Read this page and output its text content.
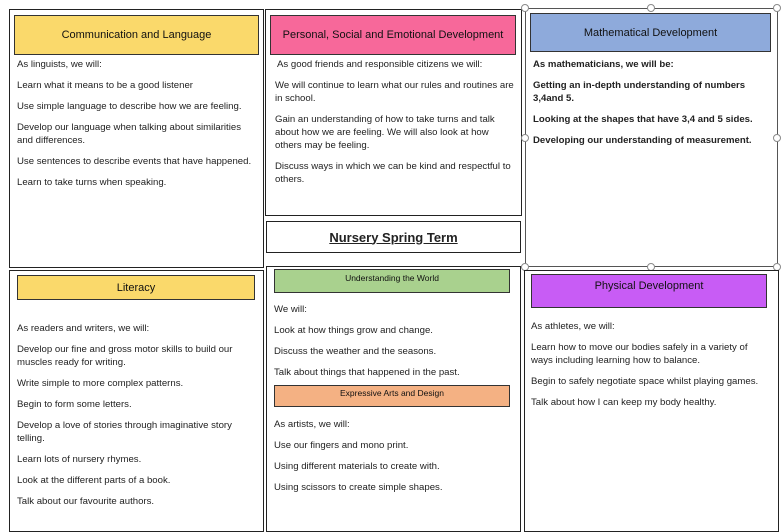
Communication and Language

As linguists, we will:

Learn what it means to be a good listener

Use simple language to describe how we are feeling.

Develop our language when talking about similarities and differences.

Use sentences to describe events that have happened.

Learn to take turns when speaking.

Personal, Social and Emotional Development

As good friends and responsible citizens we will:

We will continue to learn what our rules and routines are in school.

Gain an understanding of how to take turns and talk about how we are feeling. We will also look at how others may be feeling.

Discuss ways in which we can be kind and respectful to others.

Nursery Spring Term
Mathematical Development

As mathematicians, we will be:

Getting an in-depth understanding of numbers 3,4and 5.

Looking at the shapes that have 3,4 and 5 sides.

Developing our understanding of measurement.

Literacy

As readers and writers, we will:

Develop our fine and gross motor skills to build our muscles ready for writing.

Write simple to more complex patterns.

Begin to form some letters.

Develop a love of stories through imaginative story telling.

Learn lots of nursery rhymes.

Look at the different parts of a book.

Talk about our favourite authors.

Understanding the World

We will:

Look at how things grow and change.

Discuss the weather and the seasons.

Talk about things that happened in the past.

Expressive Arts and Design

As artists, we will:

Use our fingers and mono print.

Using different materials to create with.

Using scissors to create simple shapes.

Physical Development

As athletes, we will:

Learn how to move our bodies safely in a variety of ways including learning how to balance.

Begin to safely negotiate space whilst playing games.

Talk about how I can keep my body healthy.
